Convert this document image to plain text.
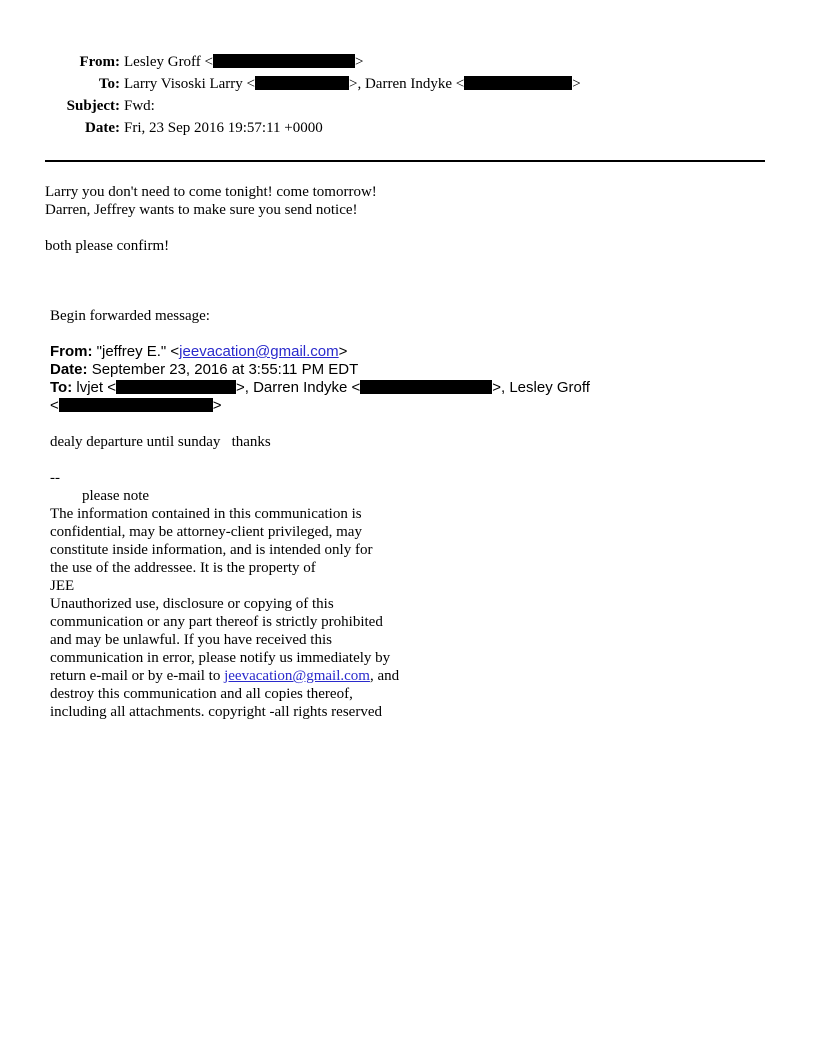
From: Lesley Groff <	>
To: Larry Visoski Larry <	>, Darren Indyke <	>
Subject: Fwd:
Date: Fri, 23 Sep 2016 19:57:11 +0000
Larry you don't need to come tonight! come tomorrow!
Darren, Jeffrey wants to make sure you send notice!
both please confirm!
Begin forwarded message:
From: "jeffrey E." <jeevacation@gmail.com>
Date: September 23, 2016 at 3:55:11 PM EDT
To: lvjet <	>, Darren Indyke <	>, Lesley Groff
<	>
dealy departure until sunday   thanks
--
please note
The information contained in this communication is
confidential, may be attorney-client privileged, may
constitute inside information, and is intended only for
the use of the addressee. It is the property of
JEE
Unauthorized use, disclosure or copying of this
communication or any part thereof is strictly prohibited
and may be unlawful. If you have received this
communication in error, please notify us immediately by
return e-mail or by e-mail to jeevacation@gmail.com, and
destroy this communication and all copies thereof,
including all attachments. copyright -all rights reserved
